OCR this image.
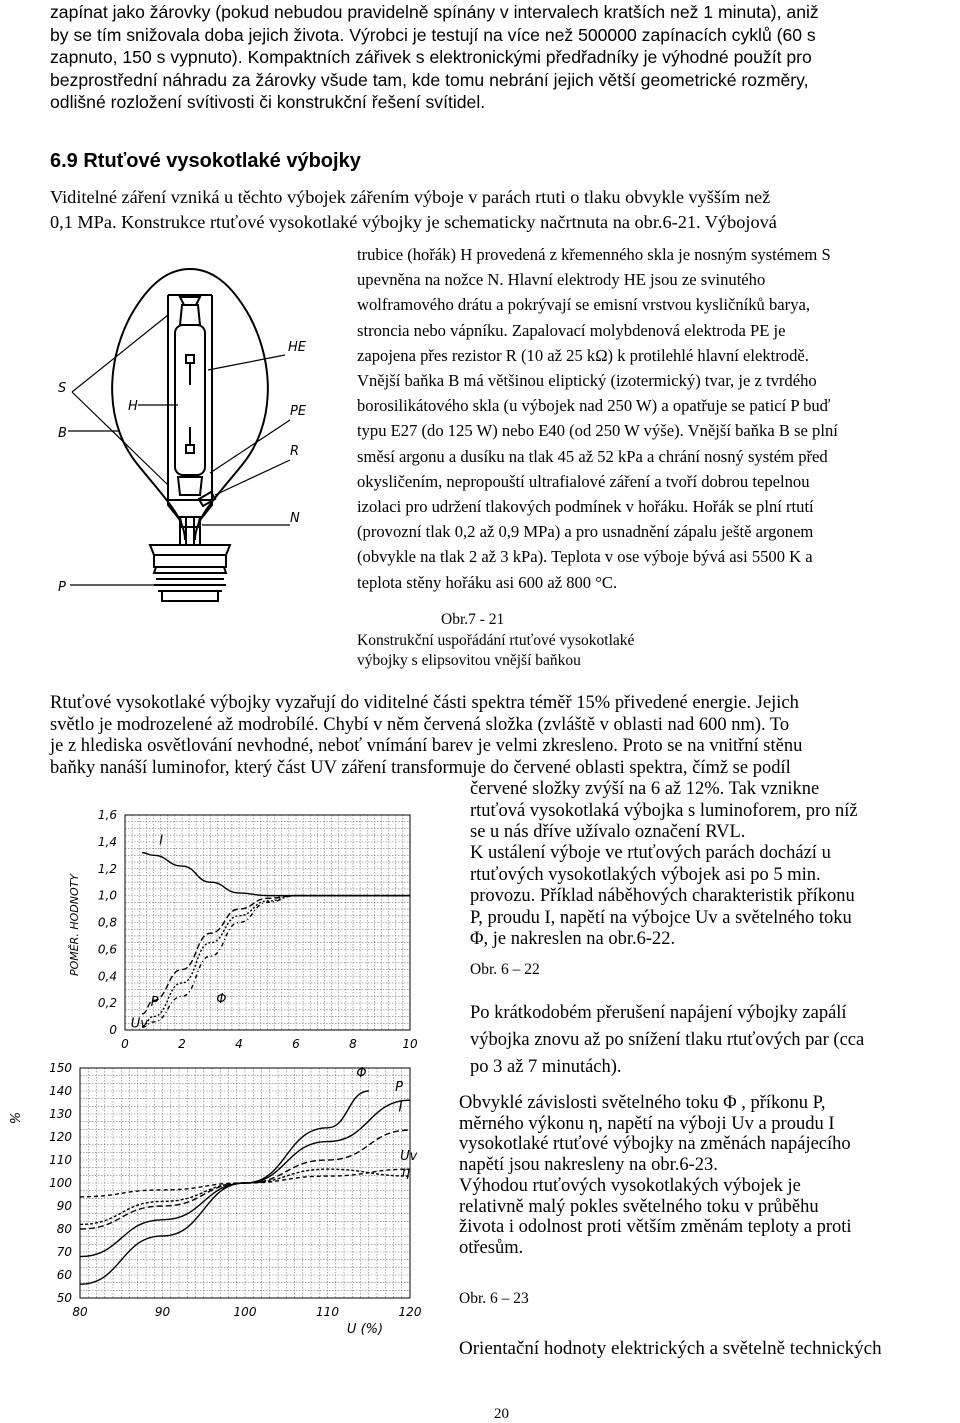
zapínat jako žárovky (pokud nebudou pravidelně spínány v intervalech kratších než 1 minuta), aniž
by se tím snižovala doba jejich života. Výrobci je testují na více než 500000 zapínacích cyklů (60 s
zapnuto, 150 s vypnuto). Kompaktních zářivek s elektronickými předřadníky je výhodné použít pro
bezprostřední náhradu za žárovky všude tam, kde tomu nebrání jejich větší geometrické rozměry,
odlišné rozložení svítivosti či konstrukční řešení svítidel.
6.9 Rtuťové vysokotlaké výbojky
Viditelné záření vzniká u těchto výbojek zářením výboje v parách rtuti o tlaku obvykle vyšším než
0,1 MPa. Konstrukce rtuťové vysokotlaké výbojky je schematicky načrtnuta na obr.6-21. Výbojová
trubice (hořák) H provedená z křemenného skla je nosným systémem S
upevněna na nožce N. Hlavní elektrody HE jsou ze svinutého
wolframového drátu a pokrývají se emisní vrstvou kysličníků barya,
stroncia nebo vápníku. Zapalovací molybdenová elektroda PE je
zapojena přes rezistor R (10 až 25 kΩ) k protilehlé hlavní elektrodě.
Vnější baňka B má většinou eliptický (izotermický) tvar, je z tvrdého
borosilikátového skla (u výbojek nad 250 W) a opatřuje se paticí P buď
typu E27 (do 125 W) nebo E40 (od 250 W výše). Vnější baňka B se plní
směsí argonu a dusíku na tlak 45 až 52 kPa a chrání nosný systém před
okysličením, nepropouští ultrafialové záření a tvoří dobrou tepelnou
izolaci pro udržení tlakových podmínek v hořáku. Hořák se plní rtutí
(provozní tlak 0,2 až 0,9 MPa) a pro usnadnění zápalu ještě argonem
(obvykle na tlak 2 až 3 kPa). Teplota v ose výboje bývá asi 5500 K a
teplota stěny hořáku asi 600 až 800 °C.
S
B
H
P
HE
PE
R
N
Obr.7 - 21
Konstrukční uspořádání rtuťové vysokotlaké
výbojky s elipsovitou vnější baňkou
Rtuťové vysokotlaké výbojky vyzařují do viditelné části spektra téměř 15% přivedené energie. Jejich
světlo je modrozelené až modrobílé. Chybí v něm červená složka (zvláště v oblasti nad 600 nm). To
je z hlediska osvětlování nevhodné, neboť vnímání barev je velmi zkresleno. Proto se na vnitřní stěnu
baňky nanáší luminofor, který část UV záření transformuje do červené oblasti spektra, čímž se podíl
červené složky zvýší na 6 až 12%. Tak vznikne
rtuťová vysokotlaká výbojka s luminoforem, pro níž
se u nás dříve užívalo označení RVL.
K ustálení výboje ve rtuťových parách dochází u
rtuťových vysokotlakých výbojek asi po 5 min.
provozu. Příklad náběhových charakteristik příkonu
P, proudu I, napětí na výbojce Uv a světelného toku
Φ, je nakreslen na obr.6-22.
Obr. 6 – 22
Po krátkodobém přerušení napájení výbojky zapálí
výbojka znovu až po snížení tlaku rtuťových par (cca
po 3 až 7 minutách).
Obvyklé závislosti světelného toku Φ , příkonu P,
měrného výkonu η, napětí na výboji Uv a proudu I
vysokotlaké rtuťové výbojky na změnách napájecího
napětí jsou nakresleny na obr.6-23.
Výhodou rtuťových vysokotlakých výbojek je
relativně malý pokles světelného toku v průběhu
života i odolnost proti větším změnám teploty a proti
otřesům.
Obr. 6 – 23
Orientační hodnoty elektrických a světelně technických
20
0	2	4	6	8	10
0
0,2
0,4
0,6
0,8
1,0
1,2
1,4
1,6
I
P	Φ
Uv
POMĚR. HODNOTY
80	90	100	110	120
50
60
70
80
90
100
110
120
130
140
150	Φ
P
I
Uv
η
%
U (%)
